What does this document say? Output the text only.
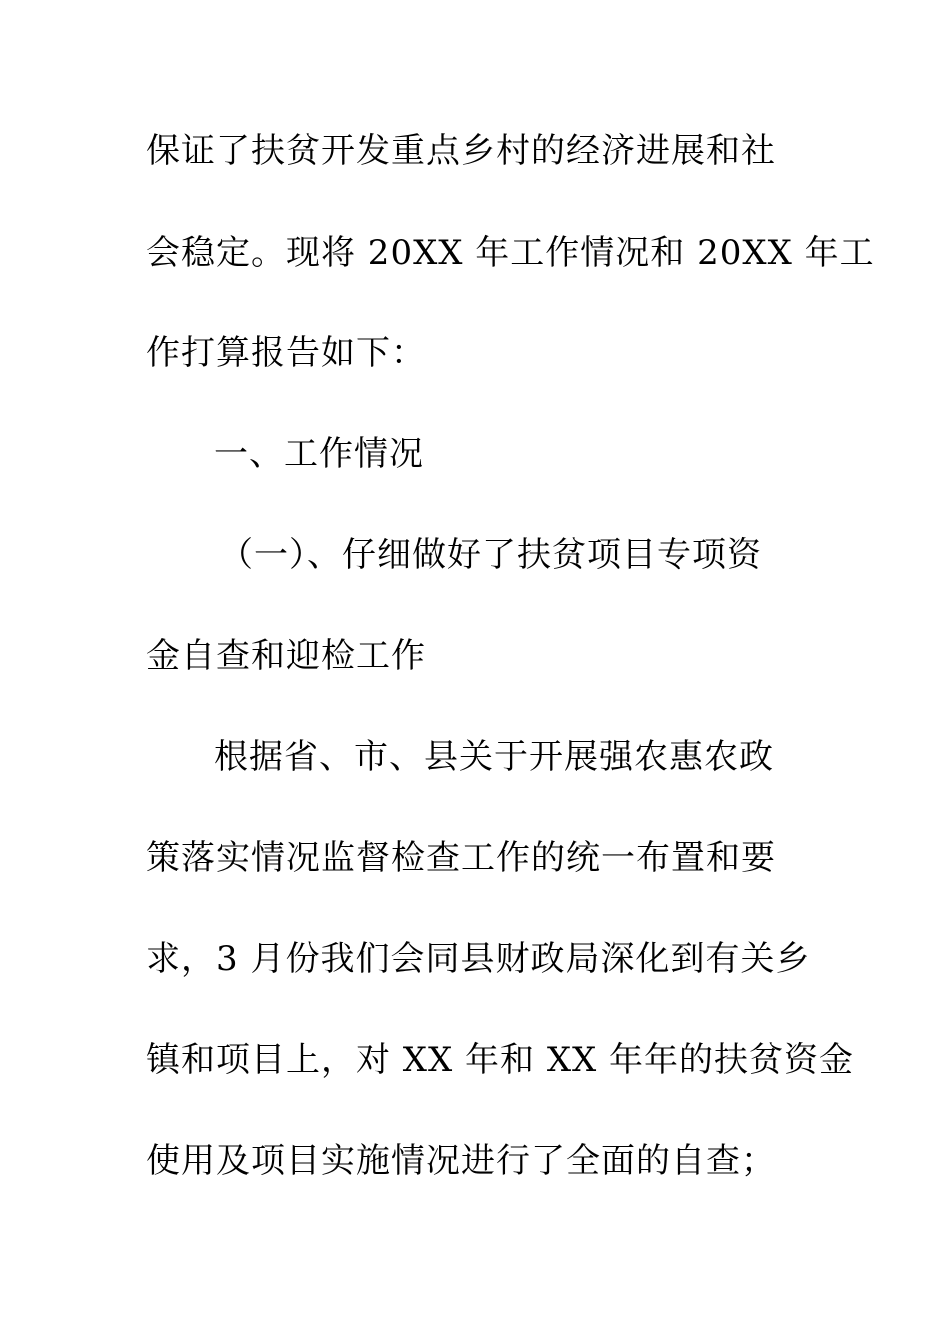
保证了扶贫开发重点乡村的经济进展和社
会稳定。现将 20XX 年工作情况和 20XX 年工
作打算报告如下：
一、工作情况
（一）、仔细做好了扶贫项目专项资
金自查和迎检工作
根据省、市、县关于开展强农惠农政
策落实情况监督检查工作的统一布置和要
求，3 月份我们会同县财政局深化到有关乡
镇和项目上，对 XX 年和 XX 年年的扶贫资金
使用及项目实施情况进行了全面的自查；
